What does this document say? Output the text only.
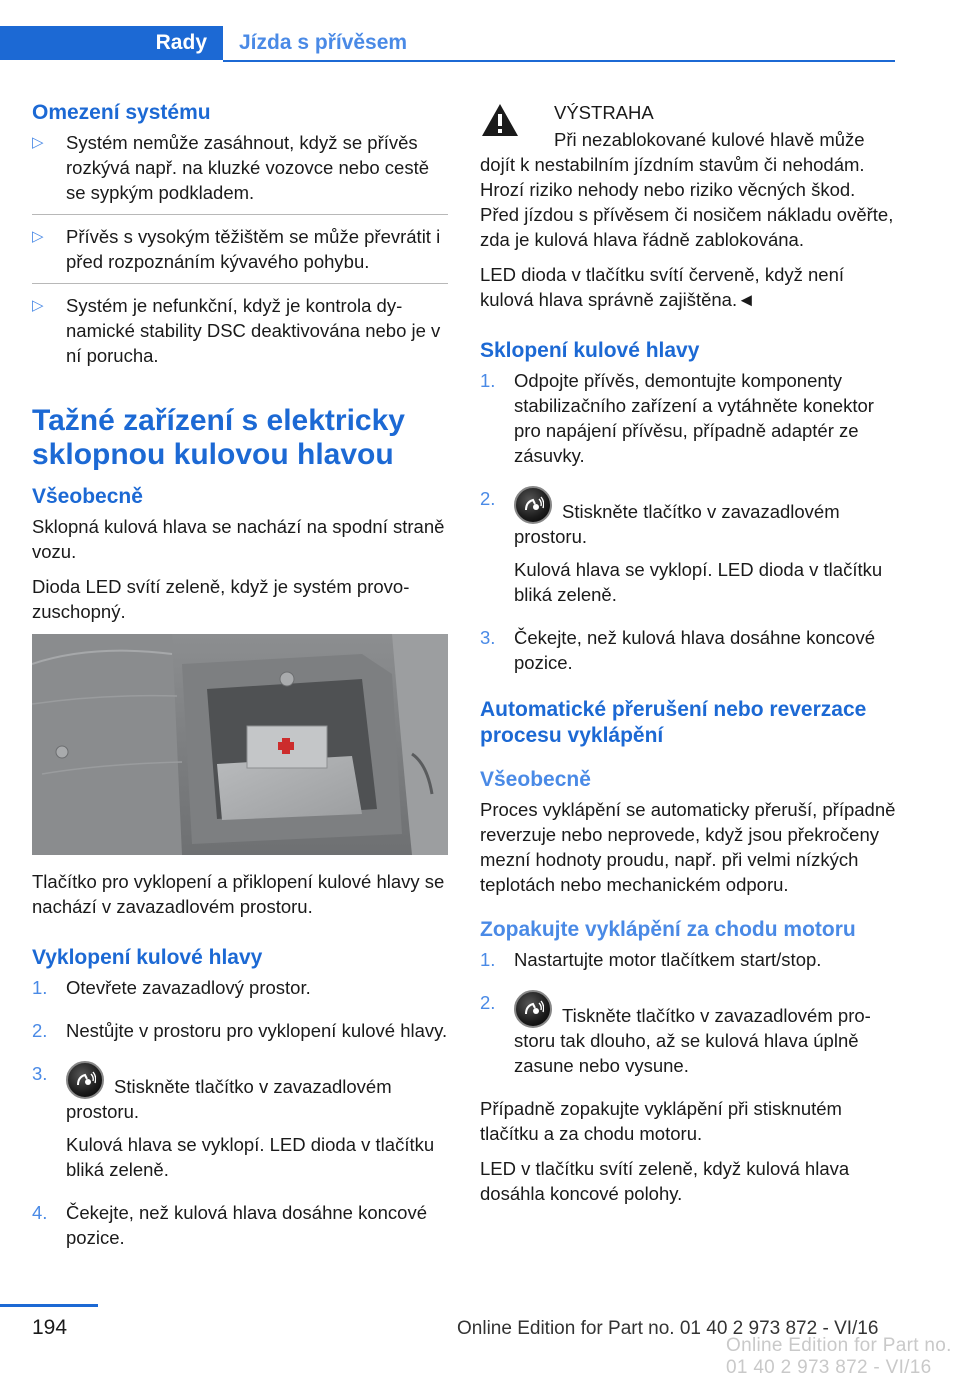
Rady	Jízda s přívěsem
Omezení systému
▷ Systém nemůže zasáhnout, když se přívěs rozkývá např. na kluzké vozovce nebo cestě se sypkým podkladem.
▷ Přívěs s vysokým těžištěm se může převrátit i před rozpoznáním kývavého pohybu.
▷ Systém je nefunkční, když je kontrola dynamické stability DSC deaktivována nebo je v ní porucha.
Tažné zařízení s elektricky sklopnou kulovou hlavou
Všeobecně

Sklopná kulová hlava se nachází na spodní straně vozu.

Dioda LED svítí zeleně, když je systém provozuschopný.

Tlačítko pro vyklopení a přiklopení kulové hlavy se nachází v zavazadlovém prostoru.

Vyklopení kulové hlavy
1. Otevřete zavazadlový prostor.
2. Nestůjte v prostoru pro vyklopení kulové hlavy.
3.
Stiskněte tlačítko v zavazadlovém prostoru.
Kulová hlava se vyklopí. LED dioda v tlačítku bliká zeleně.
4. Čekejte, než kulová hlava dosáhne koncové pozice.

VÝSTRAHA

Při nezablokované kulové hlavě může dojít k nestabilním jízdním stavům či nehodám. Hrozí riziko nehody nebo riziko věcných škod. Před jízdou s přívěsem či nosičem nákladu ověřte, zda je kulová hlava řádně zablokována.

LED dioda v tlačítku svítí červeně, když není kulová hlava správně zajištěna.◄

Sklopení kulové hlavy
1. Odpojte přívěs, demontujte komponenty stabilizačního zařízení a vytáhněte konektor pro napájení přívěsu, případně adaptér ze zásuvky.
2.
Stiskněte tlačítko v zavazadlovém prostoru.
Kulová hlava se vyklopí. LED dioda v tlačítku bliká zeleně.
3. Čekejte, než kulová hlava dosáhne koncové pozice.
Automatické přerušení nebo reverzace procesu vyklápění
Všeobecně

Proces vyklápění se automaticky přeruší, případně reverzuje nebo neprovede, když jsou překročeny mezní hodnoty proudu, např. při velmi nízkých teplotách nebo mechanickém odporu.

Zopakujte vyklápění za chodu motoru
1. Nastartujte motor tlačítkem start/stop.
2.
Tiskněte tlačítko v zavazadlovém prostoru tak dlouho, až se kulová hlava úplně zasune nebo vysune.

Případně zopakujte vyklápění při stisknutém tlačítku a za chodu motoru.

LED v tlačítku svítí zeleně, když kulová hlava dosáhla koncové polohy.

194	Online Edition for Part no. 01 40 2 973 872 - VI/16
Online Edition for Part no. 01 40 2 973 872 - VI/16
